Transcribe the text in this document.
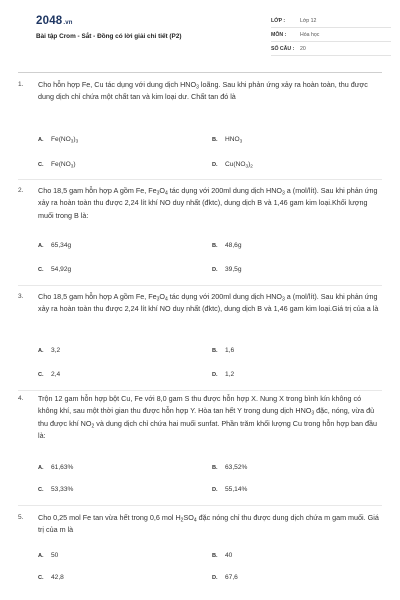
2048.vn
Bài tập Crom - Sắt - Đồng có lời giải chi tiết (P2)
LỚP :	Lớp 12
MÔN :	Hóa học
SỐ CÂU :	20
1.	Cho hỗn hợp Fe, Cu tác dụng với dung dịch $HNO_3$ loãng. Sau khi phản ứng xảy ra hoàn toàn, thu được dung dịch chỉ chứa một chất tan và kim loại dư. Chất tan đó là
A. $Fe(NO_3)_3$	B. $HNO_3$
C. $Fe(NO_3)$	D. $Cu(NO_3)_2$
2.	Cho 18,5 gam hỗn hợp A gồm Fe, $Fe_3O_4$ tác dụng với 200ml dung dịch $HNO_3$ a (mol/lít). Sau khi phản ứng xảy ra hoàn toàn thu được 2,24 lít khí NO duy nhất (đktc), dung dịch B và 1,46 gam kim loại.Khối lượng muối trong B là:
A. 65,34g	B. 48,6g
C. 54,92g	D. 39,5g
3.	Cho 18,5 gam hỗn hợp A gồm Fe, $Fe_3O_4$ tác dụng với 200ml dung dịch $HNO_3$ a (mol/lít). Sau khi phản ứng xảy ra hoàn toàn thu được 2,24 lít khí NO duy nhất (đktc), dung dịch B và 1,46 gam kim loại.Giá trị của a là
A. 3,2	B. 1,6
C. 2,4	D. 1,2
4.	Trộn 12 gam hỗn hợp bột Cu, Fe với 8,0 gam S thu được hỗn hợp X. Nung X trong bình kín không có không khí, sau một thời gian thu được hỗn hợp Y. Hòa tan hết Y trong dung dịch $HNO_3$ đặc, nóng, vừa đủ thu được khí $NO_2$ và dung dịch chỉ chứa hai muối sunfat. Phần trăm khối lượng Cu trong hỗn hợp ban đầu là:
A. 61,63%	B. 63,52%
C. 53,33%	D. 55,14%
5.	Cho 0,25 mol Fe tan vừa hết trong 0,6 mol $H_2SO_4$ đặc nóng chỉ thu được dung dịch chứa m gam muối. Giá trị của m là
A. 50	B. 40
C. 42,8	D. 67,6
